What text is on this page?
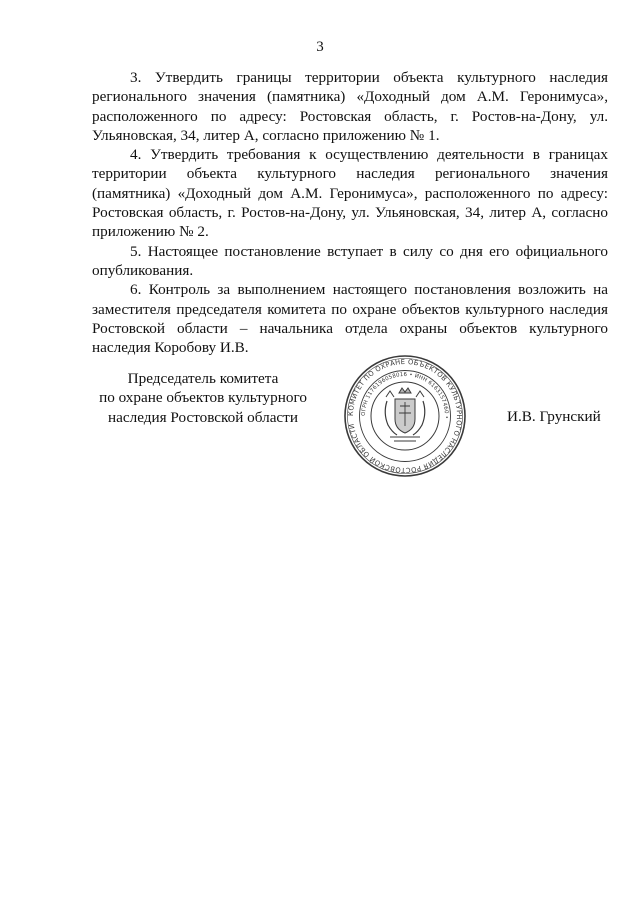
3

3. Утвердить границы территории объекта культурного наследия регионального значения (памятника) «Доходный дом А.М. Геронимуса», расположенного по адресу: Ростовская область, г. Ростов-на-Дону, ул. Ульяновская, 34, литер А, согласно приложению № 1.

4. Утвердить требования к осуществлению деятельности в границах территории объекта культурного наследия регионального значения (памятника) «Доходный дом А.М. Геронимуса», расположенного по адресу: Ростовская область, г. Ростов-на-Дону, ул. Ульяновская, 34, литер А, согласно приложению № 2.

5. Настоящее постановление вступает в силу со дня его официального опубликования.

6. Контроль за выполнением настоящего постановления возложить на заместителя председателя комитета по охране объектов культурного наследия Ростовской области – начальника отдела охраны объектов культурного наследия Коробову И.В.

Председатель комитета
по охране объектов культурного
наследия Ростовской области	КОМИТЕТ ПО ОХРАНЕ ОБЪЕКТОВ КУЛЬТУРНОГО НАСЛЕДИЯ РОСТОВСКОЙ ОБЛАСТИ
ОГРН 1176196058016 • ИНН 6163157460 •	И.В. Грунский
